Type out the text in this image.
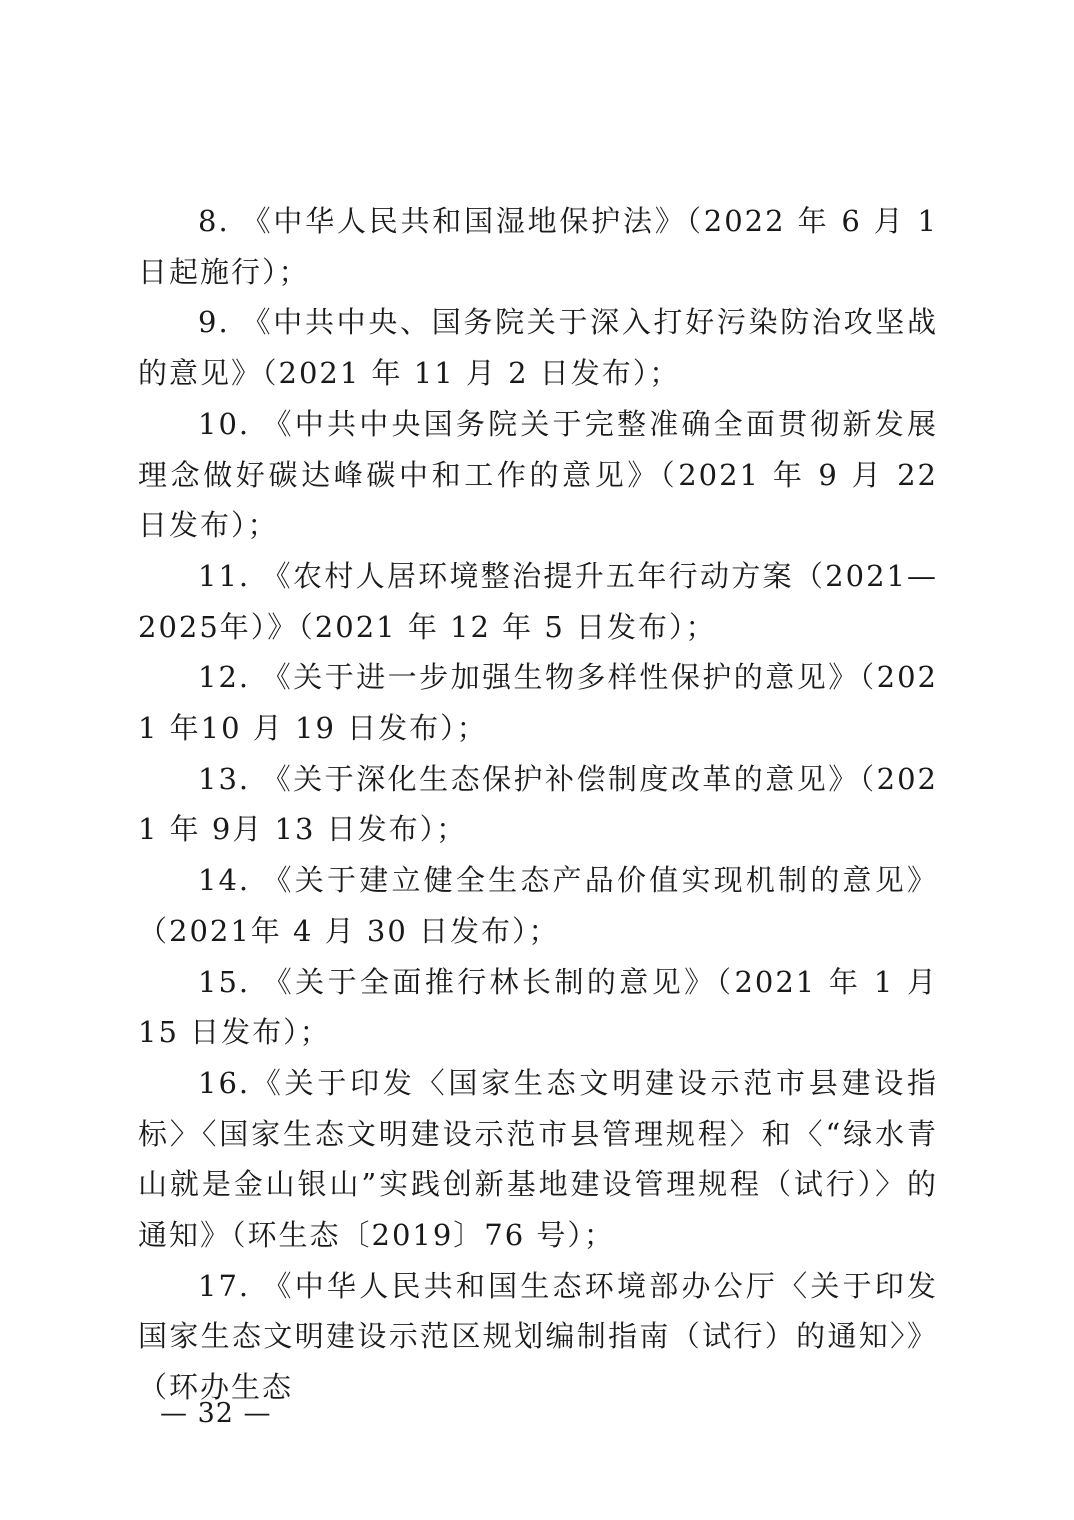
8. 《中华人民共和国湿地保护法》（2022 年 6 月 1 日起施行）；

9. 《中共中央、国务院关于深入打好污染防治攻坚战的意见》（2021 年 11 月 2 日发布）；

10. 《中共中央国务院关于完整准确全面贯彻新发展理念做好碳达峰碳中和工作的意见》（2021 年 9 月 22 日发布）；

11. 《农村人居环境整治提升五年行动方案（2021—2025年）》（2021 年 12 年 5 日发布）；

12. 《关于进一步加强生物多样性保护的意见》（2021 年10 月 19 日发布）；

13. 《关于深化生态保护补偿制度改革的意见》（2021 年 9月 13 日发布）；

14. 《关于建立健全生态产品价值实现机制的意见》（2021年 4 月 30 日发布）；

15. 《关于全面推行林长制的意见》（2021 年 1 月 15 日发布）；

16.《关于印发〈国家生态文明建设示范市县建设指标〉〈国家生态文明建设示范市县管理规程〉和〈“绿水青山就是金山银山”实践创新基地建设管理规程（试行）〉的通知》（环生态〔2019〕76 号）；

17. 《中华人民共和国生态环境部办公厅〈关于印发国家生态文明建设示范区规划编制指南（试行）的通知〉》（环办生态

— 32 —
